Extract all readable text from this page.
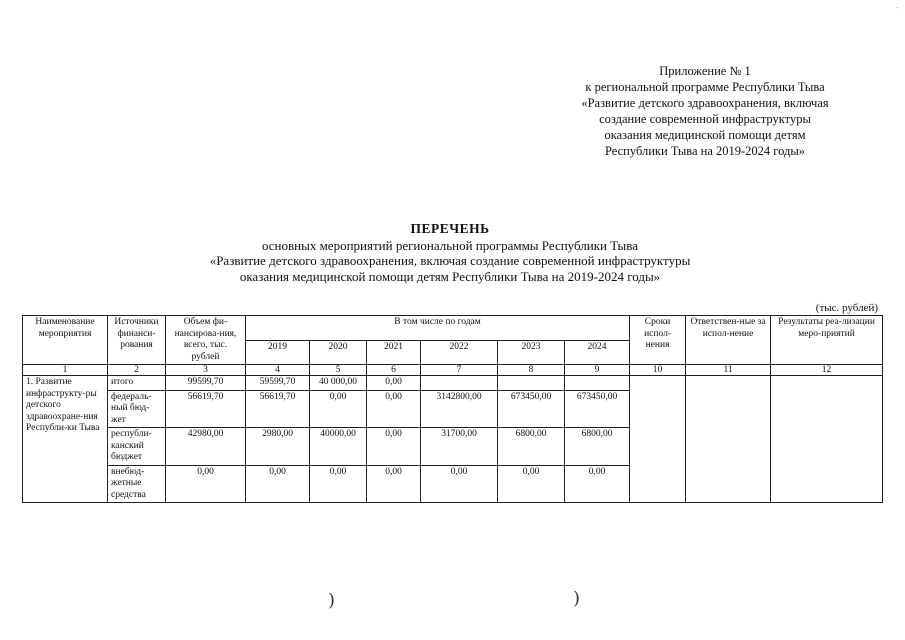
`
Приложение № 1
к региональной программе Республики Тыва
«Развитие детского здравоохранения, включая
создание современной инфраструктуры
оказания медицинской помощи детям
Республики Тыва на 2019-2024 годы»
ПЕРЕЧЕНЬ
основных мероприятий региональной программы Республики Тыва
«Развитие детского здравоохранения, включая создание современной инфраструктуры
оказания медицинской помощи детям Республики Тыва на 2019-2024 годы»
(тыс. рублей)
Наименование мероприятия	Источники финанси-рования	Объем фи-нансирова-ния, всего, тыс. рублей	В том числе по годам						Сроки испол-нения	Ответствен-ные за испол-нение	Результаты реа-лизации меро-приятий
			2019	2020	2021	2022	2023	2024			
1	2	3	4	5	6	7	8	9	10	11	12
1. Развитие инфраструкту-ры детского здравоохране-ния Республи-ки Тыва	итого	99599,70	59599,70	40 000,00	0,00						
	федераль-ный бюд-жет	56619,70	56619,70	0,00	0,00	3142800,00	673450,00	673450,00			
	республи-канский бюджет	42980,00	2980,00	40000,00	0,00	31700,00	6800,00	6800,00			
	внебюд-жетные средства	0,00	0,00	0,00	0,00	0,00	0,00	0,00			
)	)
